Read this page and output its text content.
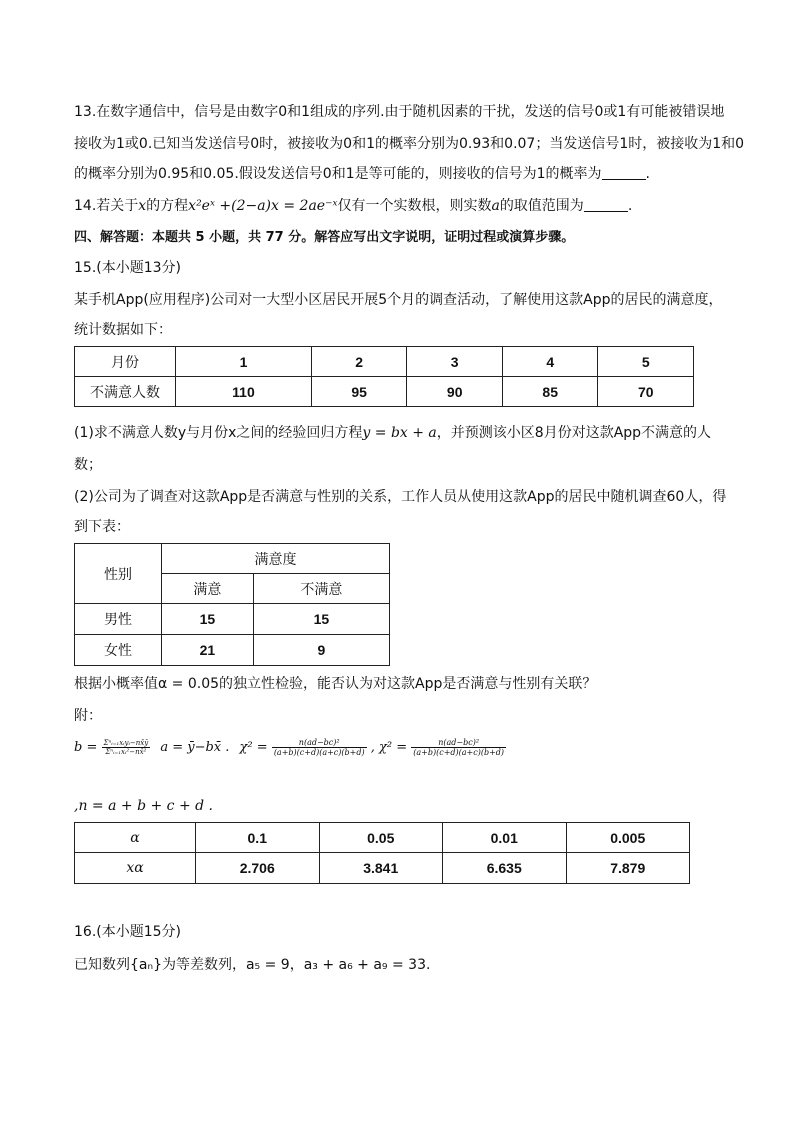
13.在数字通信中，信号是由数字0和1组成的序列.由于随机因素的干扰，发送的信号0或1有可能被错误地
接收为1或0.已知当发送信号0时，被接收为0和1的概率分别为0.93和0.07；当发送信号1时，被接收为1和0
的概率分别为0.95和0.05.假设发送信号0和1是等可能的，则接收的信号为1的概率为	.
14.若关于x的方程x²eˣ +(2−a)x = 2ae⁻ˣ仅有一个实数根，则实数a的取值范围为	.
四、解答题：本题共 5 小题，共 77 分。解答应写出文字说明，证明过程或演算步骤。
15.(本小题13分)
某手机App(应用程序)公司对一大型小区居民开展5个月的调查活动，了解使用这款App的居民的满意度，
统计数据如下：
月份	1	2	3	4	5
不满意人数	110	95	90	85	70
(1)求不满意人数y与月份x之间的经验回归方程y = bx + a，并预测该小区8月份对这款App不满意的人
数；
(2)公司为了调查对这款App是否满意与性别的关系，工作人员从使用这款App的居民中随机调查60人，得
到下表：
性别	满意度	
	满意	不满意
男性	15	15
女性	21	9
根据小概率值α = 0.05的独立性检验，能否认为对这款App是否满意与性别有关联？
附：
$b = \frac{\text{Σⁿᵢ₌₁xᵢyᵢ−nx̄ȳ}}{\text{Σⁿᵢ₌₁xᵢ²−nx̄²}}$ a = ȳ−bx̄ . $\chi^2 = \frac{\text{n(ad−bc)²}}{(a+b)(c+d)(a+c)(b+d)}$ , $\chi^2 = \frac{\text{n(ad−bc)²}}{(a+b)(c+d)(a+c)(b+d)}$
,n = a + b + c + d .
α	0.1	0.05	0.01	0.005
xα	2.706	3.841	6.635	7.879
16.(本小题15分)
已知数列{aₙ}为等差数列，a₅ = 9，a₃ + a₆ + a₉ = 33.
